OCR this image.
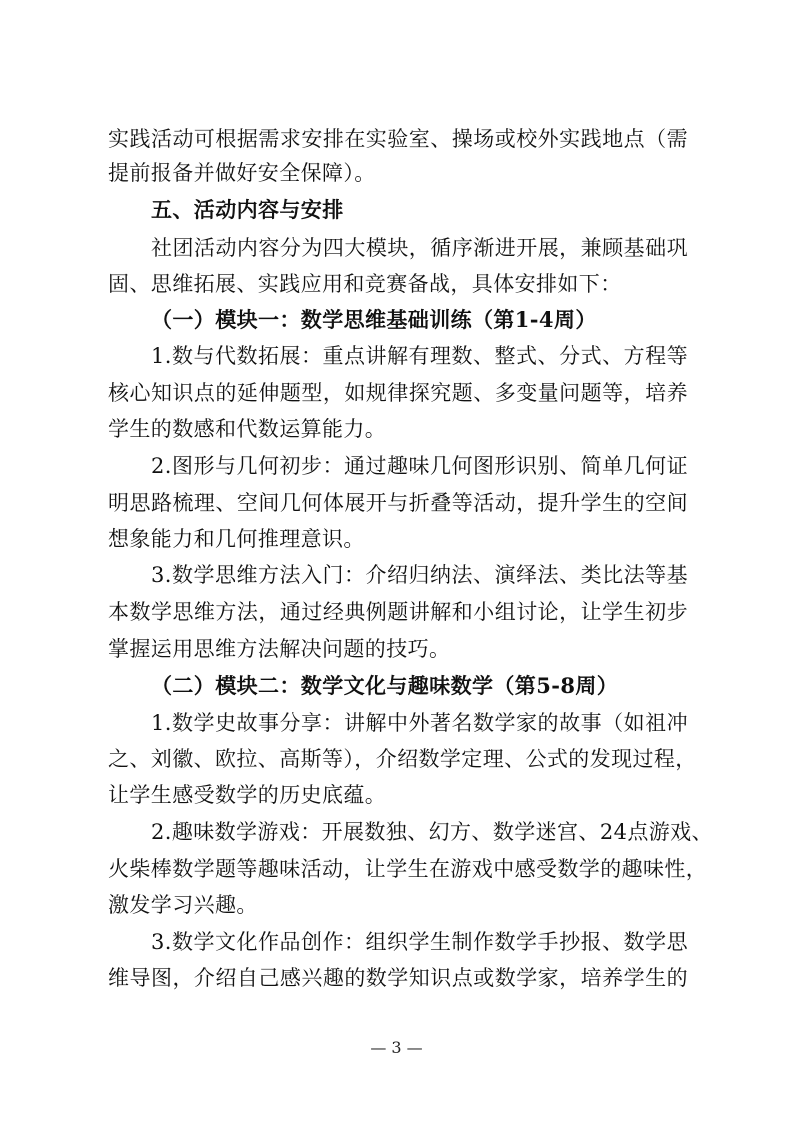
实践活动可根据需求安排在实验室、操场或校外实践地点（需
提前报备并做好安全保障）。
五、活动内容与安排
社团活动内容分为四大模块，循序渐进开展，兼顾基础巩
固、思维拓展、实践应用和竞赛备战，具体安排如下：
（一）模块一：数学思维基础训练（第1-4周）
1.数与代数拓展：重点讲解有理数、整式、分式、方程等
核心知识点的延伸题型，如规律探究题、多变量问题等，培养
学生的数感和代数运算能力。
2.图形与几何初步：通过趣味几何图形识别、简单几何证
明思路梳理、空间几何体展开与折叠等活动，提升学生的空间
想象能力和几何推理意识。
3.数学思维方法入门：介绍归纳法、演绎法、类比法等基
本数学思维方法，通过经典例题讲解和小组讨论，让学生初步
掌握运用思维方法解决问题的技巧。
（二）模块二：数学文化与趣味数学（第5-8周）
1.数学史故事分享：讲解中外著名数学家的故事（如祖冲
之、刘徽、欧拉、高斯等），介绍数学定理、公式的发现过程，
让学生感受数学的历史底蕴。
2.趣味数学游戏：开展数独、幻方、数学迷宫、24点游戏、
火柴棒数学题等趣味活动，让学生在游戏中感受数学的趣味性，
激发学习兴趣。
3.数学文化作品创作：组织学生制作数学手抄报、数学思
维导图，介绍自己感兴趣的数学知识点或数学家，培养学生的
— 3 —
